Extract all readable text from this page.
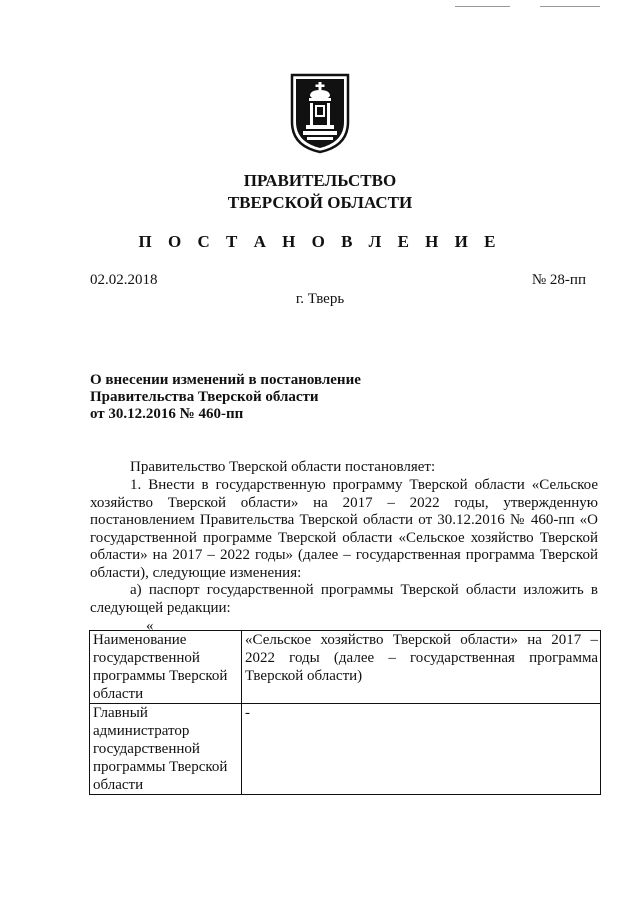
ПРАВИТЕЛЬСТВО
ТВЕРСКОЙ ОБЛАСТИ
П О С Т А Н О В Л Е Н И Е
02.02.2018	№ 28-пп
г. Тверь
О внесении изменений в постановление
Правительства Тверской области
от 30.12.2016 № 460-пп
Правительство Тверской области постановляет:
1. Внести в государственную программу Тверской области «Сельское хозяйство Тверской области» на 2017 – 2022 годы, утвержденную постановлением Правительства Тверской области от 30.12.2016 № 460-пп «О государственной программе Тверской области «Сельское хозяйство Тверской области» на 2017 – 2022 годы» (далее – государственная программа Тверской области), следующие изменения:
а) паспорт государственной программы Тверской области изложить в следующей редакции:
«
Наименование государственной программы Тверской области	«Сельское хозяйство Тверской области» на 2017 – 2022 годы (далее – государственная программа Тверской области)
Главный администратор государственной программы Тверской области	-
